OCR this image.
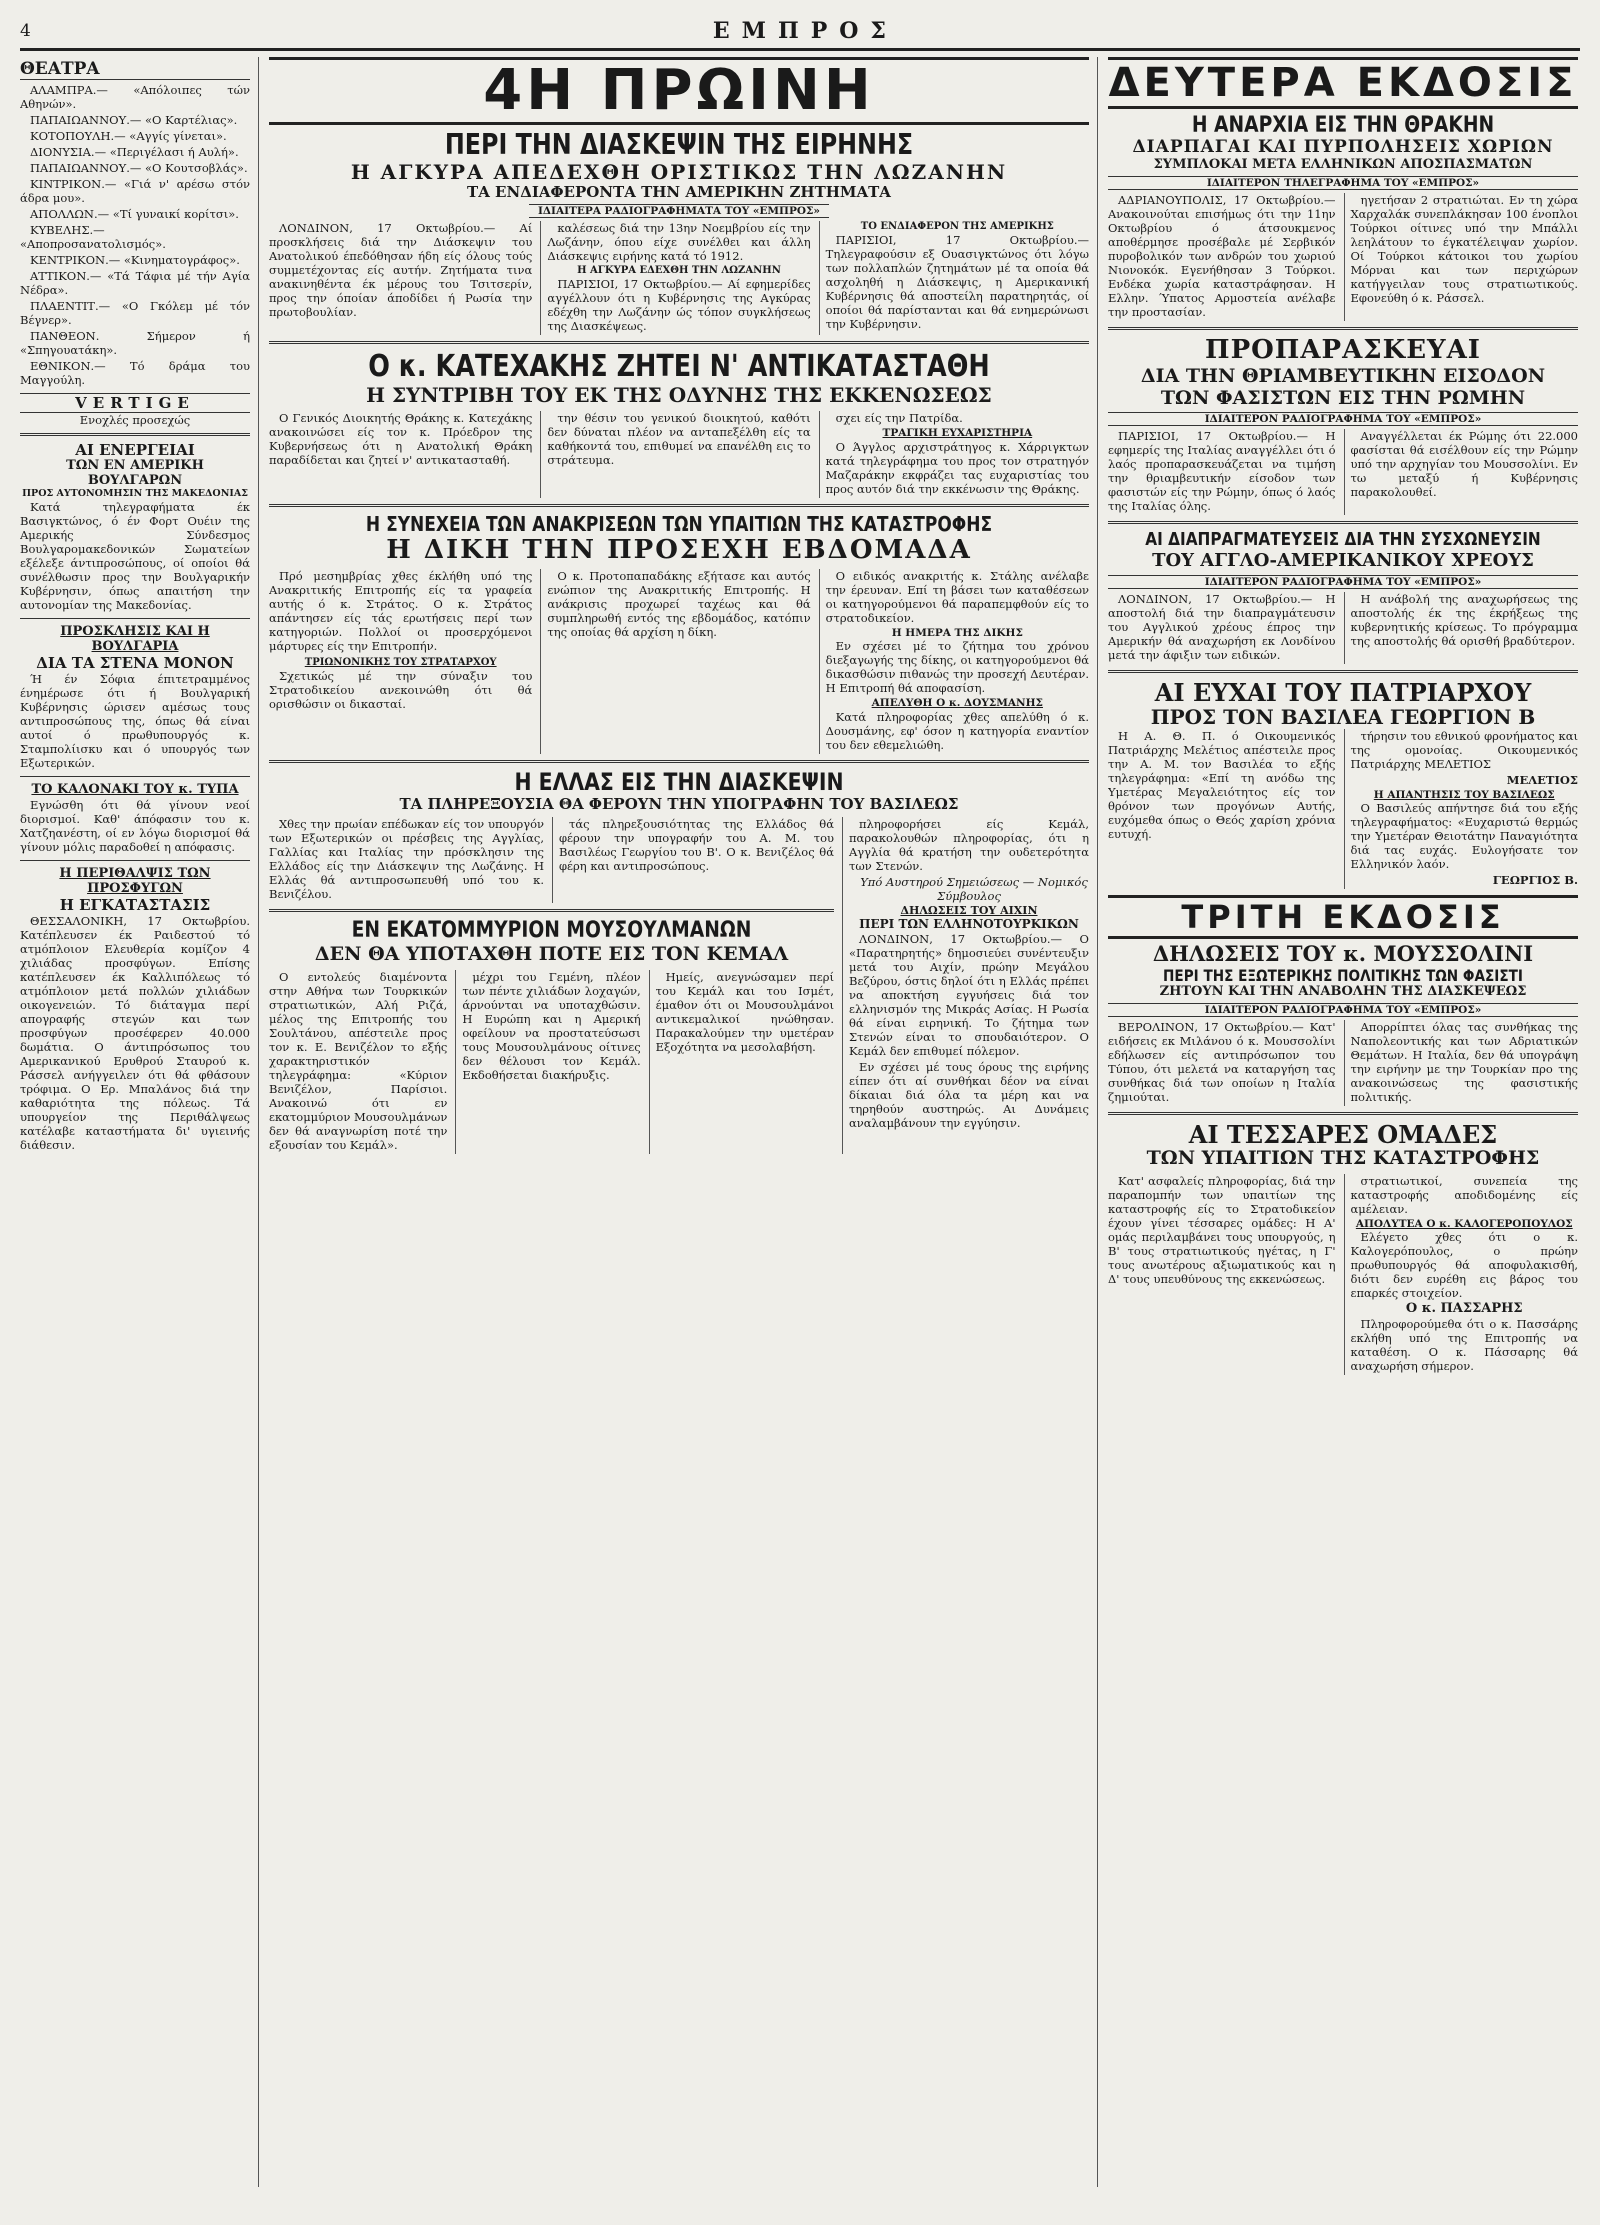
4	ΕΜΠΡΟΣ
ΘΕΑΤΡΑ

ΑΛΑΜΠΡΑ.— «Απόλοιπες τών Αθηνών».

ΠΑΠΑΙΩΑΝΝΟΥ.— «Ο Καρτέλιας».

ΚΟΤΟΠΟΥΛΗ.— «Αγγίς γίνεται».

ΔΙΟΝΥΣΙΑ.— «Περιγέλασι ή Αυλή».

ΠΑΠΑΙΩΑΝΝΟΥ.— «Ο Κουτσοβλάς».

ΚΙΝΤΡΙΚΟΝ.— «Γιά ν' αρέσω στόν άδρα μου».

ΑΠΟΛΛΩΝ.— «Τί γυναικί κορίτσι».

ΚΥΒΕΛΗΣ.— «Αποπροσανατολισμός».

ΚΕΝΤΡΙΚΟΝ.— «Κινηματογράφος».

ΑΤΤΙΚΟΝ.— «Τά Τάφια μέ τήν Αγία Νέδρα».

ΠΛΑΕΝΤΙΤ.— «Ο Γκόλεμ μέ τόν Βέγνερ».

ΠΑΝΘΕΟΝ. Σήμερον ή «Σπηγουατάκη».

ΕΘΝΙΚΟΝ.— Τό δράμα του Μαγγούλη.

VERTIGE
Ενοχλές προσεχώς
ΑΙ ΕΝΕΡΓΕΙΑΙ
ΤΩΝ ΕΝ ΑΜΕΡΙΚΗ ΒΟΥΛΓΑΡΩΝ
ΠΡΟΣ ΑΥΤΟΝΟΜΗΣΙΝ ΤΗΣ ΜΑΚΕΔΟΝΙΑΣ

Κατά τηλεγραφήματα έκ Βασιγκτώνος, ό έν Φορτ Ουέιν της Αμερικής Σύνδεσμος Βουλγαρομακεδονικών Σωματείων εξέλεξε άντιπροσώπους, οί οποίοι θά συνέλθωσιν προς την Βουλγαρικήν Κυβέρνησιν, όπως απαιτήση την αυτονομίαν της Μακεδονίας.

ΠΡΟΣΚΛΗΣΙΣ ΚΑΙ Η ΒΟΥΛΓΑΡΙΑ
ΔΙΑ ΤΑ ΣΤΕΝΑ ΜΟΝΟΝ

Ή έν Σόφια έπιτετραμμένος ένημέρωσε ότι ή Βουλγαρική Κυβέρνησις ώρισεν αμέσως τους αντιπροσώπους της, όπως θά είναι αυτοί ό πρωθυπουργός κ. Σταμπολίισκυ και ό υπουργός των Εξωτερικών.

ΤΟ ΚΑΛΟΝΑΚΙ ΤΟΥ κ. ΤΥΠΑ

Εγνώσθη ότι θά γίνουν νεοί διορισμοί. Καθ' άπόφασιν του κ. Χατζηανέστη, οί εν λόγω διορισμοί θά γίνουν μόλις παραδοθεί η απόφασις.

Η ΠΕΡΙΘΑΛΨΙΣ ΤΩΝ ΠΡΟΣΦΥΓΩΝ
Η ΕΓΚΑΤΑΣΤΑΣΙΣ

ΘΕΣΣΑΛΟΝΙΚΗ, 17 Οκτωβρίου. Κατέπλευσεν έκ Ραιδεστού τό ατμόπλοιον Ελευθερία κομίζον 4 χιλιάδας προσφύγων. Επίσης κατέπλευσεν έκ Καλλιπόλεως τό ατμόπλοιον μετά πολλών χιλιάδων οικογενειών. Τό διάταγμα περί απογραφής στεγών και των προσφύγων προσέφερεν 40.000 δωμάτια. Ο άντιπρόσωπος του Αμερικανικού Ερυθρού Σταυρού κ. Ράσσελ ανήγγειλεν ότι θά φθάσουν τρόφιμα. Ο Ερ. Μπαλάνος διά την καθαριότητα της πόλεως. Τά υπουργείον της Περιθάλψεως κατέλαβε καταστήματα δι' υγιεινής διάθεσιν.

4Η ΠΡΩΙΝΗ
ΠΕΡΙ ΤΗΝ ΔΙΑΣΚΕΨΙΝ ΤΗΣ ΕΙΡΗΝΗΣ
Η ΑΓΚΥΡΑ ΑΠΕΔΕΧΘΗ ΟΡΙΣΤΙΚΩΣ ΤΗΝ ΛΩΖΑΝΗΝ
ΤΑ ΕΝΔΙΑΦΕΡΟΝΤΑ ΤΗΝ ΑΜΕΡΙΚΗΝ ΖΗΤΗΜΑΤΑ
ΙΔΙΑΙΤΕΡΑ ΡΑΔΙΟΓΡΑΦΗΜΑΤΑ ΤΟΥ «ΕΜΠΡΟΣ»

ΛΟΝΔΙΝΟΝ, 17 Οκτωβρίου.— Αί προσκλήσεις διά την Διάσκεψιν του Ανατολικού έπεδόθησαν ήδη είς όλους τούς συμμετέχοντας είς αυτήν. Ζητήματα τινα ανακινηθέντα έκ μέρους του Τσιτσερίν, προς την όποίαν άποδίδει ή Ρωσία την πρωτοβουλίαν.

καλέσεως διά την 13ην Νοεμβρίου είς την Λωζάνην, όπου είχε συνέλθει και άλλη Διάσκεψις ειρήνης κατά τό 1912.

Η ΑΓΚΥΡΑ ΕΔΕΧΘΗ ΤΗΝ ΛΩΖΑΝΗΝ

ΠΑΡΙΣΙΟΙ, 17 Οκτωβρίου.— Αί εφημερίδες αγγέλλουν ότι η Κυβέρνησις της Αγκύρας εδέχθη την Λωζάνην ώς τόπον συγκλήσεως της Διασκέψεως.

ΤΟ ΕΝΔΙΑΦΕΡΟΝ ΤΗΣ ΑΜΕΡΙΚΗΣ

ΠΑΡΙΣΙΟΙ, 17 Οκτωβρίου.— Τηλεγραφούσιν εξ Ουασιγκτώνος ότι λόγω των πολλαπλών ζητημάτων μέ τα οποία θά ασχοληθή η Διάσκεψις, η Αμερικανική Κυβέρνησις θά αποστείλη παρατηρητάς, οί οποίοι θά παρίστανται και θά ενημερώνωσι την Κυβέρνησιν.

Ο κ. ΚΑΤΕΧΑΚΗΣ ΖΗΤΕΙ Ν' ΑΝΤΙΚΑΤΑΣΤΑΘΗ
Η ΣΥΝΤΡΙΒΗ ΤΟΥ ΕΚ ΤΗΣ ΟΔΥΝΗΣ ΤΗΣ ΕΚΚΕΝΩΣΕΩΣ

Ο Γενικός Διοικητής Θράκης κ. Κατεχάκης ανακοινώσει είς τον κ. Πρόεδρον της Κυβερνήσεως ότι η Ανατολική Θράκη παραδίδεται και ζητεί ν' αντικατασταθή.

την θέσιν του γενικού διοικητού, καθότι δεν δύναται πλέον να ανταπεξέλθη είς τα καθήκοντά του, επιθυμεί να επανέλθη εις το στράτευμα.

σχει είς την Πατρίδα.

ΤΡΑΓΙΚΗ ΕΥΧΑΡΙΣΤΗΡΙΑ

Ο Άγγλος αρχιστράτηγος κ. Χάρριγκτων κατά τηλεγράφημα του προς τον στρατηγόν Μαζαράκην εκφράζει τας ευχαριστίας του προς αυτόν διά την εκκένωσιν της Θράκης.

Η ΣΥΝΕΧΕΙΑ ΤΩΝ ΑΝΑΚΡΙΣΕΩΝ ΤΩΝ ΥΠΑΙΤΙΩΝ ΤΗΣ ΚΑΤΑΣΤΡΟΦΗΣ
Η ΔΙΚΗ ΤΗΝ ΠΡΟΣΕΧΗ ΕΒΔΟΜΑΔΑ

Πρό μεσημβρίας χθες έκλήθη υπό της Ανακριτικής Επιτροπής είς τα γραφεία αυτής ό κ. Στράτος. Ο κ. Στράτος απάντησεν είς τάς ερωτήσεις περί των κατηγοριών. Πολλοί οι προσερχόμενοι μάρτυρες είς την Επιτροπήν.

ΤΡΙΩΝΟΝΙΚΗΣ ΤΟΥ ΣΤΡΑΤΑΡΧΟΥ

Σχετικώς μέ την σύναξιν του Στρατοδικείου ανεκοινώθη ότι θά ορισθώσιν οι δικασταί.

Ο κ. Προτοπαπαδάκης εξήτασε και αυτός ενώπιον της Ανακριτικής Επιτροπής. Η ανάκρισις προχωρεί ταχέως και θά συμπληρωθή εντός της εβδομάδος, κατόπιν της οποίας θά αρχίση η δίκη.

Ο ειδικός ανακριτής κ. Στάλης ανέλαβε την έρευναν. Επί τη βάσει των καταθέσεων οι κατηγορούμενοι θά παραπεμφθούν είς το στρατοδικείον.

Η ΗΜΕΡΑ ΤΗΣ ΔΙΚΗΣ

Εν σχέσει μέ το ζήτημα του χρόνου διεξαγωγής της δίκης, οι κατηγορούμενοι θά δικασθώσιν πιθανώς την προσεχή Δευτέραν. Η Επιτροπή θά αποφασίση.

ΑΠΕΛΥΘΗ Ο κ. ΔΟΥΣΜΑΝΗΣ

Κατά πληροφορίας χθες απελύθη ό κ. Δουσμάνης, εφ' όσον η κατηγορία εναντίον του δεν εθεμελιώθη.

Η ΕΛΛΑΣ ΕΙΣ ΤΗΝ ΔΙΑΣΚΕΨΙΝ
ΤΑ ΠΛΗΡΕΞΟΥΣΙΑ ΘΑ ΦΕΡΟΥΝ ΤΗΝ ΥΠΟΓΡΑΦΗΝ ΤΟΥ ΒΑΣΙΛΕΩΣ

Χθες την πρωίαν επέδωκαν είς τον υπουργόν των Εξωτερικών οι πρέσβεις της Αγγλίας, Γαλλίας και Ιταλίας την πρόσκλησιν της Ελλάδος είς την Διάσκεψιν της Λωζάνης. Η Ελλάς θά αντιπροσωπευθή υπό του κ. Βενιζέλου.

τάς πληρεξουσιότητας της Ελλάδος θά φέρουν την υπογραφήν του Α. Μ. του Βασιλέως Γεωργίου του Β'. Ο κ. Βενιζέλος θά φέρη και αντιπροσώπους.

ΕΝ ΕΚΑΤΟΜΜΥΡΙΟΝ ΜΟΥΣΟΥΛΜΑΝΩΝ
ΔΕΝ ΘΑ ΥΠΟΤΑΧΘΗ ΠΟΤΕ ΕΙΣ ΤΟΝ ΚΕΜΑΛ

Ο εντολεύς διαμένοντα στην Αθήνα των Τουρκικών στρατιωτικών, Αλή Ριζά, μέλος της Επιτροπής του Σουλτάνου, απέστειλε προς τον κ. Ε. Βενιζέλον το εξής χαρακτηριστικόν τηλεγράφημα: «Κύριον Βενιζέλον, Παρίσιοι. Ανακοινώ ότι εν εκατομμύριον Μουσουλμάνων δεν θά αναγνωρίση ποτέ την εξουσίαν του Κεμάλ».

μέχρι του Γεμένη, πλέον των πέντε χιλιάδων λοχαγών, άρνούνται να υποταχθώσιν. Η Ευρώπη και η Αμερική οφείλουν να προστατεύσωσι τους Μουσουλμάνους οίτινες δεν θέλουσι τον Κεμάλ. Εκδοθήσεται διακήρυξις.

Ημείς, ανεγνώσαμεν περί του Κεμάλ και του Ισμέτ, έμαθον ότι οι Μουσουλμάνοι αντικεμαλικοί ηνώθησαν. Παρακαλούμεν την υμετέραν Εξοχότητα να μεσολαβήση.

πληροφορήσει είς Κεμάλ, παρακολουθών πληροφορίας, ότι η Αγγλία θά κρατήση την ουδετερότητα των Στενών.

Υπό Αυστηρού Σημειώσεως — Νομικός Σύμβουλος

ΔΗΛΩΣΕΙΣ ΤΟΥ ΑΙΧΙΝ
ΠΕΡΙ ΤΩΝ ΕΛΛΗΝΟΤΟΥΡΚΙΚΩΝ

ΛΟΝΔΙΝΟΝ, 17 Οκτωβρίου.— Ο «Παρατηρητής» δημοσιεύει συνέντευξιν μετά του Αιχίν, πρώην Μεγάλου Βεζύρου, όστις δηλοί ότι η Ελλάς πρέπει να αποκτήση εγγυήσεις διά τον ελληνισμόν της Μικράς Ασίας. Η Ρωσία θά είναι ειρηνική. Το ζήτημα των Στενών είναι το σπουδαιότερον. Ο Κεμάλ δεν επιθυμεί πόλεμον.

Εν σχέσει μέ τους όρους της ειρήνης είπεν ότι αί συνθήκαι δέον να είναι δίκαιαι διά όλα τα μέρη και να τηρηθούν αυστηρώς. Αι Δυνάμεις αναλαμβάνουν την εγγύησιν.

ΔΕΥΤΕΡΑ ΕΚΔΟΣΙΣ
Η ΑΝΑΡΧΙΑ ΕΙΣ ΤΗΝ ΘΡΑΚΗΝ
ΔΙΑΡΠΑΓΑΙ ΚΑΙ ΠΥΡΠΟΛΗΣΕΙΣ ΧΩΡΙΩΝ
ΣΥΜΠΛΟΚΑΙ ΜΕΤΑ ΕΛΛΗΝΙΚΩΝ ΑΠΟΣΠΑΣΜΑΤΩΝ
ΙΔΙΑΙΤΕΡΟΝ ΤΗΛΕΓΡΑΦΗΜΑ ΤΟΥ «ΕΜΠΡΟΣ»

ΑΔΡΙΑΝΟΥΠΟΛΙΣ, 17 Οκτωβρίου.— Ανακοινούται επισήμως ότι την 11ην Οκτωβρίου ό άτσουκμενος αποθέρμησε προσέβαλε μέ Σερβικόν πυροβολικόν των ανδρών του χωριού Νιονοκόκ. Εγενήθησαν 3 Τούρκοι. Ενδέκα χωρία καταστράφησαν. Η Ελλην. Ύπατος Αρμοστεία ανέλαβε την προστασίαν.

ηγετήσαν 2 στρατιώται. Εν τη χώρα Χαρχαλάκ συνεπλάκησαν 100 ένοπλοι Τούρκοι οίτινες υπό την Μπάλλι λεηλάτουν το έγκατέλειψαν χωρίον. Οί Τούρκοι κάτοικοι του χωρίου Μόρναι και των περιχώρων κατήγγειλαν τους στρατιωτικούς. Εφονεύθη ό κ. Ράσσελ.

ΠΡΟΠΑΡΑΣΚΕΥΑΙ
ΔΙΑ ΤΗΝ ΘΡΙΑΜΒΕΥΤΙΚΗΝ ΕΙΣΟΔΟΝ
ΤΩΝ ΦΑΣΙΣΤΩΝ ΕΙΣ ΤΗΝ ΡΩΜΗΝ
ΙΔΙΑΙΤΕΡΟΝ ΡΑΔΙΟΓΡΑΦΗΜΑ ΤΟΥ «ΕΜΠΡΟΣ»

ΠΑΡΙΣΙΟΙ, 17 Οκτωβρίου.— Η εφημερίς της Ιταλίας αναγγέλλει ότι ό λαός προπαρασκευάζεται να τιμήση την θριαμβευτικήν είσοδον των φασιστών είς την Ρώμην, όπως ό λαός της Ιταλίας όλης.

Αναγγέλλεται έκ Ρώμης ότι 22.000 φασίσται θά εισέλθουν είς την Ρώμην υπό την αρχηγίαν του Μουσσολίνι. Εν τω μεταξύ ή Κυβέρνησις παρακολουθεί.

ΑΙ ΔΙΑΠΡΑΓΜΑΤΕΥΣΕΙΣ ΔΙΑ ΤΗΝ ΣΥΣΧΩΝΕΥΣΙΝ
ΤΟΥ ΑΓΓΛΟ-ΑΜΕΡΙΚΑΝΙΚΟΥ ΧΡΕΟΥΣ
ΙΔΙΑΙΤΕΡΟΝ ΡΑΔΙΟΓΡΑΦΗΜΑ ΤΟΥ «ΕΜΠΡΟΣ»

ΛΟΝΔΙΝΟΝ, 17 Οκτωβρίου.— Η αποστολή διά την διαπραγμάτευσιν του Αγγλικού χρέους έπρος την Αμερικήν θά αναχωρήση εκ Λονδίνου μετά την άφιξιν των ειδικών.

Η ανάβολή της αναχωρήσεως της αποστολής έκ της έκρήξεως της κυβερνητικής κρίσεως. Το πρόγραμμα της αποστολής θά ορισθή βραδύτερον.

ΑΙ ΕΥΧΑΙ ΤΟΥ ΠΑΤΡΙΑΡΧΟΥ
ΠΡΟΣ ΤΟΝ ΒΑΣΙΛΕΑ ΓΕΩΡΓΙΟΝ Β

Η Α. Θ. Π. ό Οικουμενικός Πατριάρχης Μελέτιος απέστειλε προς την Α. Μ. τον Βασιλέα το εξής τηλεγράφημα: «Επί τη ανόδω της Υμετέρας Μεγαλειότητος είς τον θρόνον των προγόνων Αυτής, ευχόμεθα όπως ο Θεός χαρίση χρόνια ευτυχή.

τήρησιν του εθνικού φρονήματος και της ομονοίας. Οικουμενικός Πατριάρχης ΜΕΛΕΤΙΟΣ

ΜΕΛΕΤΙΟΣ

Η ΑΠΑΝΤΗΣΙΣ ΤΟΥ ΒΑΣΙΛΕΩΣ

Ο Βασιλεύς απήντησε διά του εξής τηλεγραφήματος: «Ευχαριστώ θερμώς την Υμετέραν Θειοτάτην Παναγιότητα διά τας ευχάς. Ευλογήσατε τον Ελληνικόν λαόν.

ΓΕΩΡΓΙΟΣ Β.

ΤΡΙΤΗ ΕΚΔΟΣΙΣ
ΔΗΛΩΣΕΙΣ ΤΟΥ κ. ΜΟΥΣΣΟΛΙΝΙ
ΠΕΡΙ ΤΗΣ ΕΞΩΤΕΡΙΚΗΣ ΠΟΛΙΤΙΚΗΣ ΤΩΝ ΦΑΣΙΣΤΙ
ΖΗΤΟΥΝ ΚΑΙ ΤΗΝ ΑΝΑΒΟΛΗΝ ΤΗΣ ΔΙΑΣΚΕΨΕΩΣ
ΙΔΙΑΙΤΕΡΟΝ ΡΑΔΙΟΓΡΑΦΗΜΑ ΤΟΥ «ΕΜΠΡΟΣ»

ΒΕΡΟΛΙΝΟΝ, 17 Οκτωβρίου.— Κατ' ειδήσεις εκ Μιλάνου ό κ. Μουσσολίνι εδήλωσεν είς αντιπρόσωπον του Τύπου, ότι μελετά να καταργήση τας συνθήκας διά των οποίων η Ιταλία ζημιούται.

Απορρίπτει όλας τας συνθήκας της Ναπολεοντικής και των Αδριατικών Θεμάτων. Η Ιταλία, δεν θά υπογράψη την ειρήνην με την Τουρκίαν προ της ανακοινώσεως της φασιστικής πολιτικής.

ΑΙ ΤΕΣΣΑΡΕΣ ΟΜΑΔΕΣ
ΤΩΝ ΥΠΑΙΤΙΩΝ ΤΗΣ ΚΑΤΑΣΤΡΟΦΗΣ

Κατ' ασφαλείς πληροφορίας, διά την παραπομπήν των υπαιτίων της καταστροφής είς το Στρατοδικείον έχουν γίνει τέσσαρες ομάδες: Η Α' ομάς περιλαμβάνει τους υπουργούς, η Β' τους στρατιωτικούς ηγέτας, η Γ' τους ανωτέρους αξιωματικούς και η Δ' τους υπευθύνους της εκκενώσεως.

στρατιωτικοί, συνεπεία της καταστροφής αποδιδομένης είς αμέλειαν.

ΑΠΟΛΥΤΕΑ Ο κ. ΚΑΛΟΓΕΡΟΠΟΥΛΟΣ

Ελέγετο χθες ότι ο κ. Καλογερόπουλος, ο πρώην πρωθυπουργός θά αποφυλακισθή, διότι δεν ευρέθη εις βάρος του επαρκές στοιχείον.

Ο κ. ΠΑΣΣΑΡΗΣ

Πληροφορούμεθα ότι ο κ. Πασσάρης εκλήθη υπό της Επιτροπής να καταθέση. Ο κ. Πάσσαρης θά αναχωρήση σήμερον.
